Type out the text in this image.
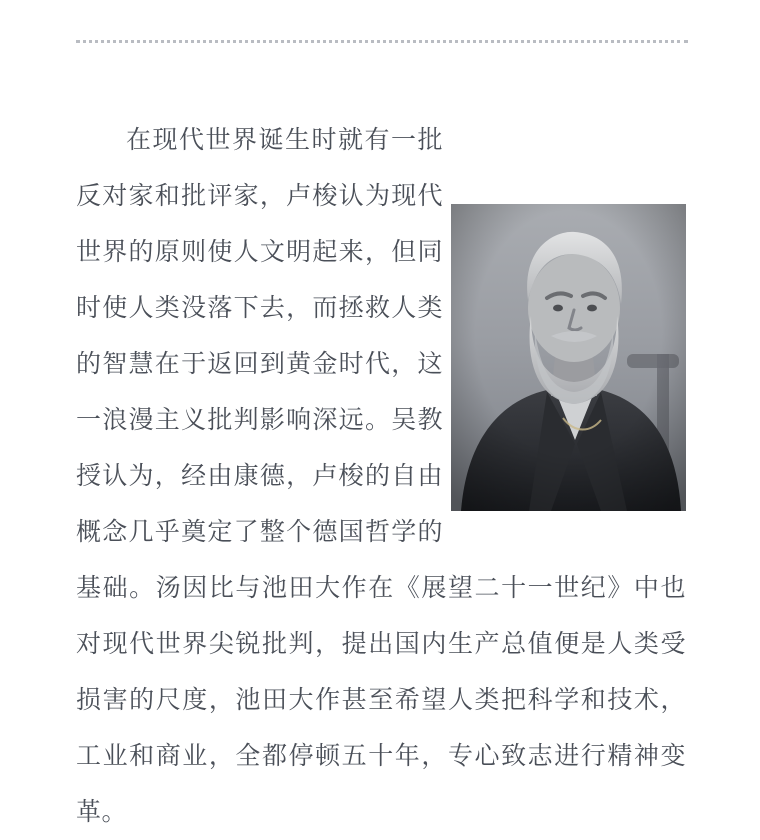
在现代世界诞生时就有一批反对家和批评家，卢梭认为现代世界的原则使人文明起来，但同时使人类没落下去，而拯救人类的智慧在于返回到黄金时代，这一浪漫主义批判影响深远。吴教授认为，经由康德，卢梭的自由概念几乎奠定了整个德国哲学的基础。汤因比与池田大作在《展望二十一世纪》中也对现代世界尖锐批判，提出国内生产总值便是人类受损害的尺度，池田大作甚至希望人类把科学和技术，工业和商业，全都停顿五十年，专心致志进行精神变革。
